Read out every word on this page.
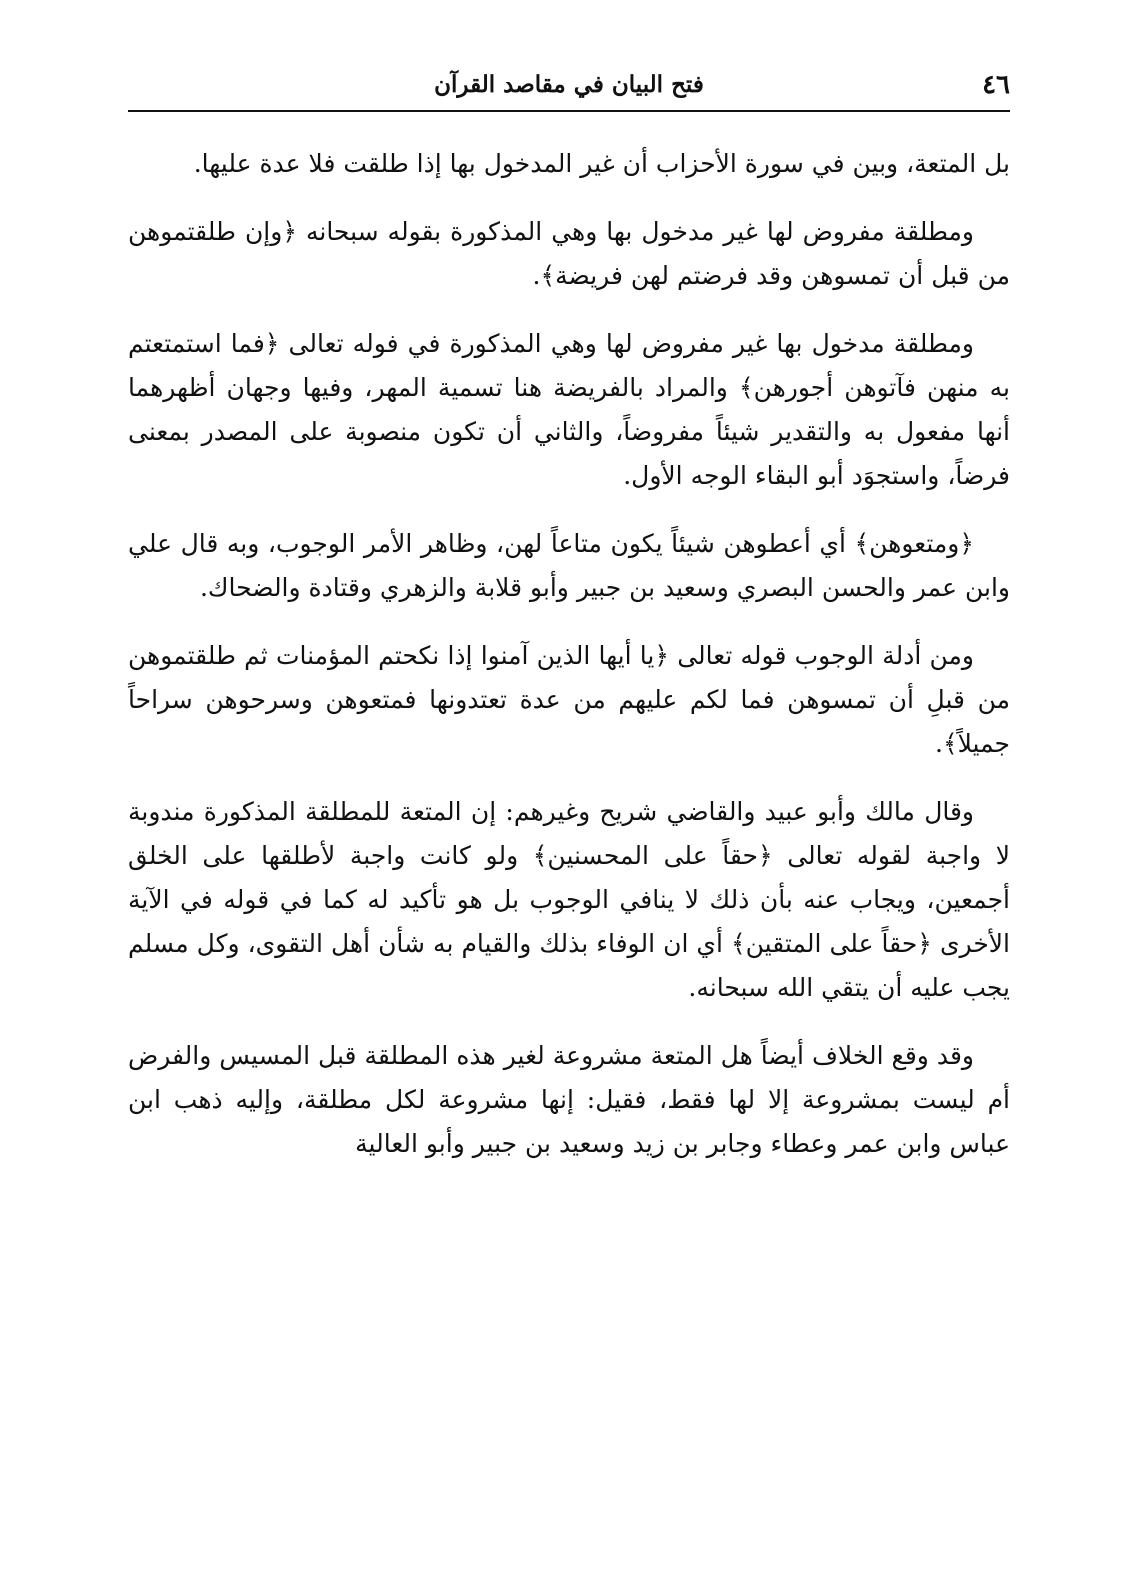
٤٦
فتح البيان في مقاصد القرآن

بل المتعة، وبين في سورة الأحزاب أن غير المدخول بها إذا طلقت فلا عدة عليها.

ومطلقة مفروض لها غير مدخول بها وهي المذكورة بقوله سبحانه ﴿وإن طلقتموهن من قبل أن تمسوهن وقد فرضتم لهن فريضة﴾.

ومطلقة مدخول بها غير مفروض لها وهي المذكورة في فوله تعالى ﴿فما استمتعتم به منهن فآتوهن أجورهن﴾ والمراد بالفريضة هنا تسمية المهر، وفيها وجهان أظهرهما أنها مفعول به والتقدير شيئاً مفروضاً، والثاني أن تكون منصوبة على المصدر بمعنى فرضاً، واستجوَد أبو البقاء الوجه الأول.

﴿ومتعوهن﴾ أي أعطوهن شيئاً يكون متاعاً لهن، وظاهر الأمر الوجوب، وبه قال علي وابن عمر والحسن البصري وسعيد بن جبير وأبو قلابة والزهري وقتادة والضحاك.

ومن أدلة الوجوب قوله تعالى ﴿يا أيها الذين آمنوا إذا نكحتم المؤمنات ثم طلقتموهن من قبلِ أن تمسوهن فما لكم عليهم من عدة تعتدونها فمتعوهن وسرحوهن سراحاً جميلاً﴾.

وقال مالك وأبو عبيد والقاضي شريح وغيرهم: إن المتعة للمطلقة المذكورة مندوبة لا واجبة لقوله تعالى ﴿حقاً على المحسنين﴾ ولو كانت واجبة لأطلقها على الخلق أجمعين، ويجاب عنه بأن ذلك لا ينافي الوجوب بل هو تأكيد له كما في قوله في الآية الأخرى ﴿حقاً على المتقين﴾ أي ان الوفاء بذلك والقيام به شأن أهل التقوى، وكل مسلم يجب عليه أن يتقي الله سبحانه.

وقد وقع الخلاف أيضاً هل المتعة مشروعة لغير هذه المطلقة قبل المسيس والفرض أم ليست بمشروعة إلا لها فقط، فقيل: إنها مشروعة لكل مطلقة، وإليه ذهب ابن عباس وابن عمر وعطاء وجابر بن زيد وسعيد بن جبير وأبو العالية
